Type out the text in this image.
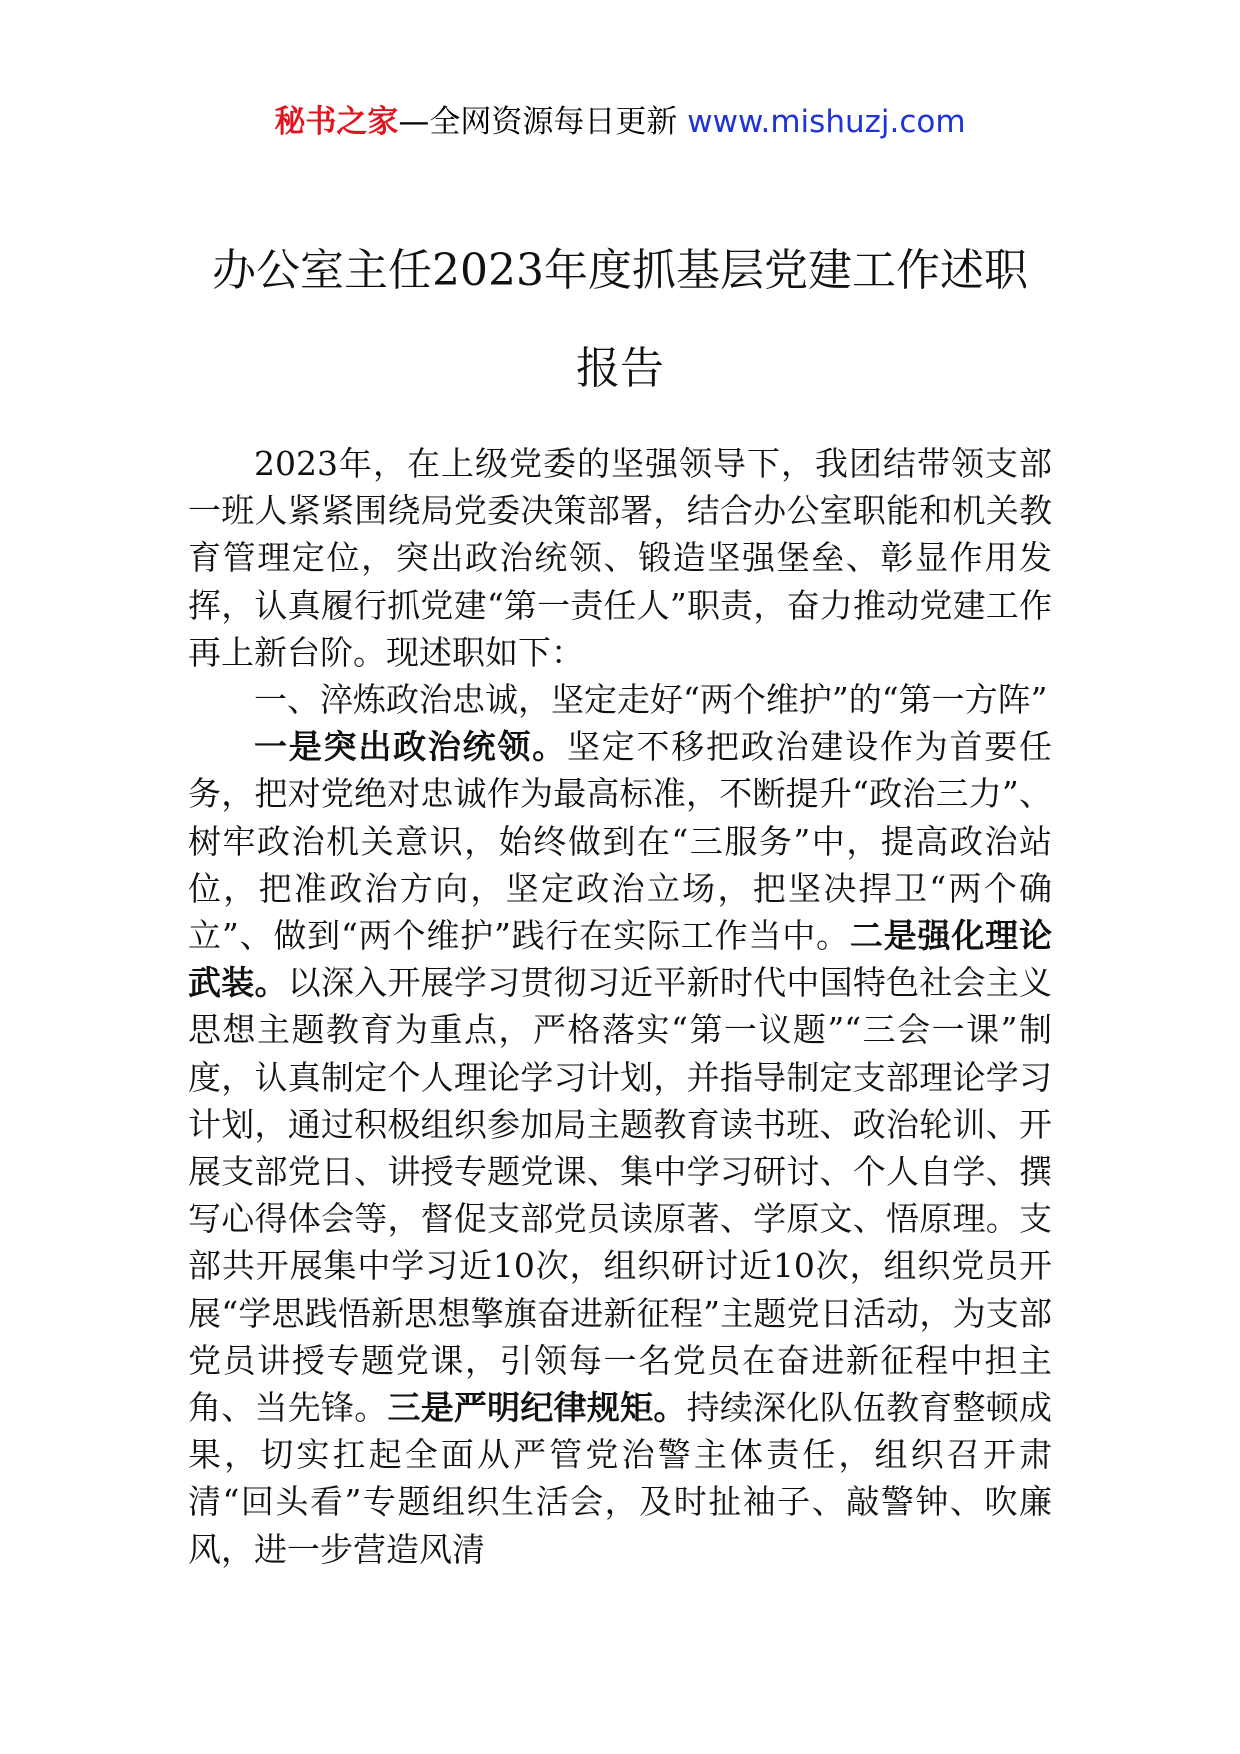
秘书之家—全网资源每日更新 www.mishuzj.com
办公室主任2023年度抓基层党建工作述职
报告

2023年，在上级党委的坚强领导下，我团结带领支部一班人紧紧围绕局党委决策部署，结合办公室职能和机关教育管理定位，突出政治统领、锻造坚强堡垒、彰显作用发挥，认真履行抓党建“第一责任人”职责，奋力推动党建工作再上新台阶。现述职如下：

一、淬炼政治忠诚，坚定走好“两个维护”的“第一方阵”

一是突出政治统领。坚定不移把政治建设作为首要任务，把对党绝对忠诚作为最高标准，不断提升“政治三力”、树牢政治机关意识，始终做到在“三服务”中，提高政治站位，把准政治方向，坚定政治立场，把坚决捍卫“两个确立”、做到“两个维护”践行在实际工作当中。二是强化理论武装。以深入开展学习贯彻习近平新时代中国特色社会主义思想主题教育为重点，严格落实“第一议题”“三会一课”制度，认真制定个人理论学习计划，并指导制定支部理论学习计划，通过积极组织参加局主题教育读书班、政治轮训、开展支部党日、讲授专题党课、集中学习研讨、个人自学、撰写心得体会等，督促支部党员读原著、学原文、悟原理。支部共开展集中学习近10次，组织研讨近10次，组织党员开展“学思践悟新思想擎旗奋进新征程”主题党日活动，为支部党员讲授专题党课，引领每一名党员在奋进新征程中担主角、当先锋。三是严明纪律规矩。持续深化队伍教育整顿成果，切实扛起全面从严管党治警主体责任，组织召开肃清“回头看”专题组织生活会，及时扯袖子、敲警钟、吹廉风，进一步营造风清
